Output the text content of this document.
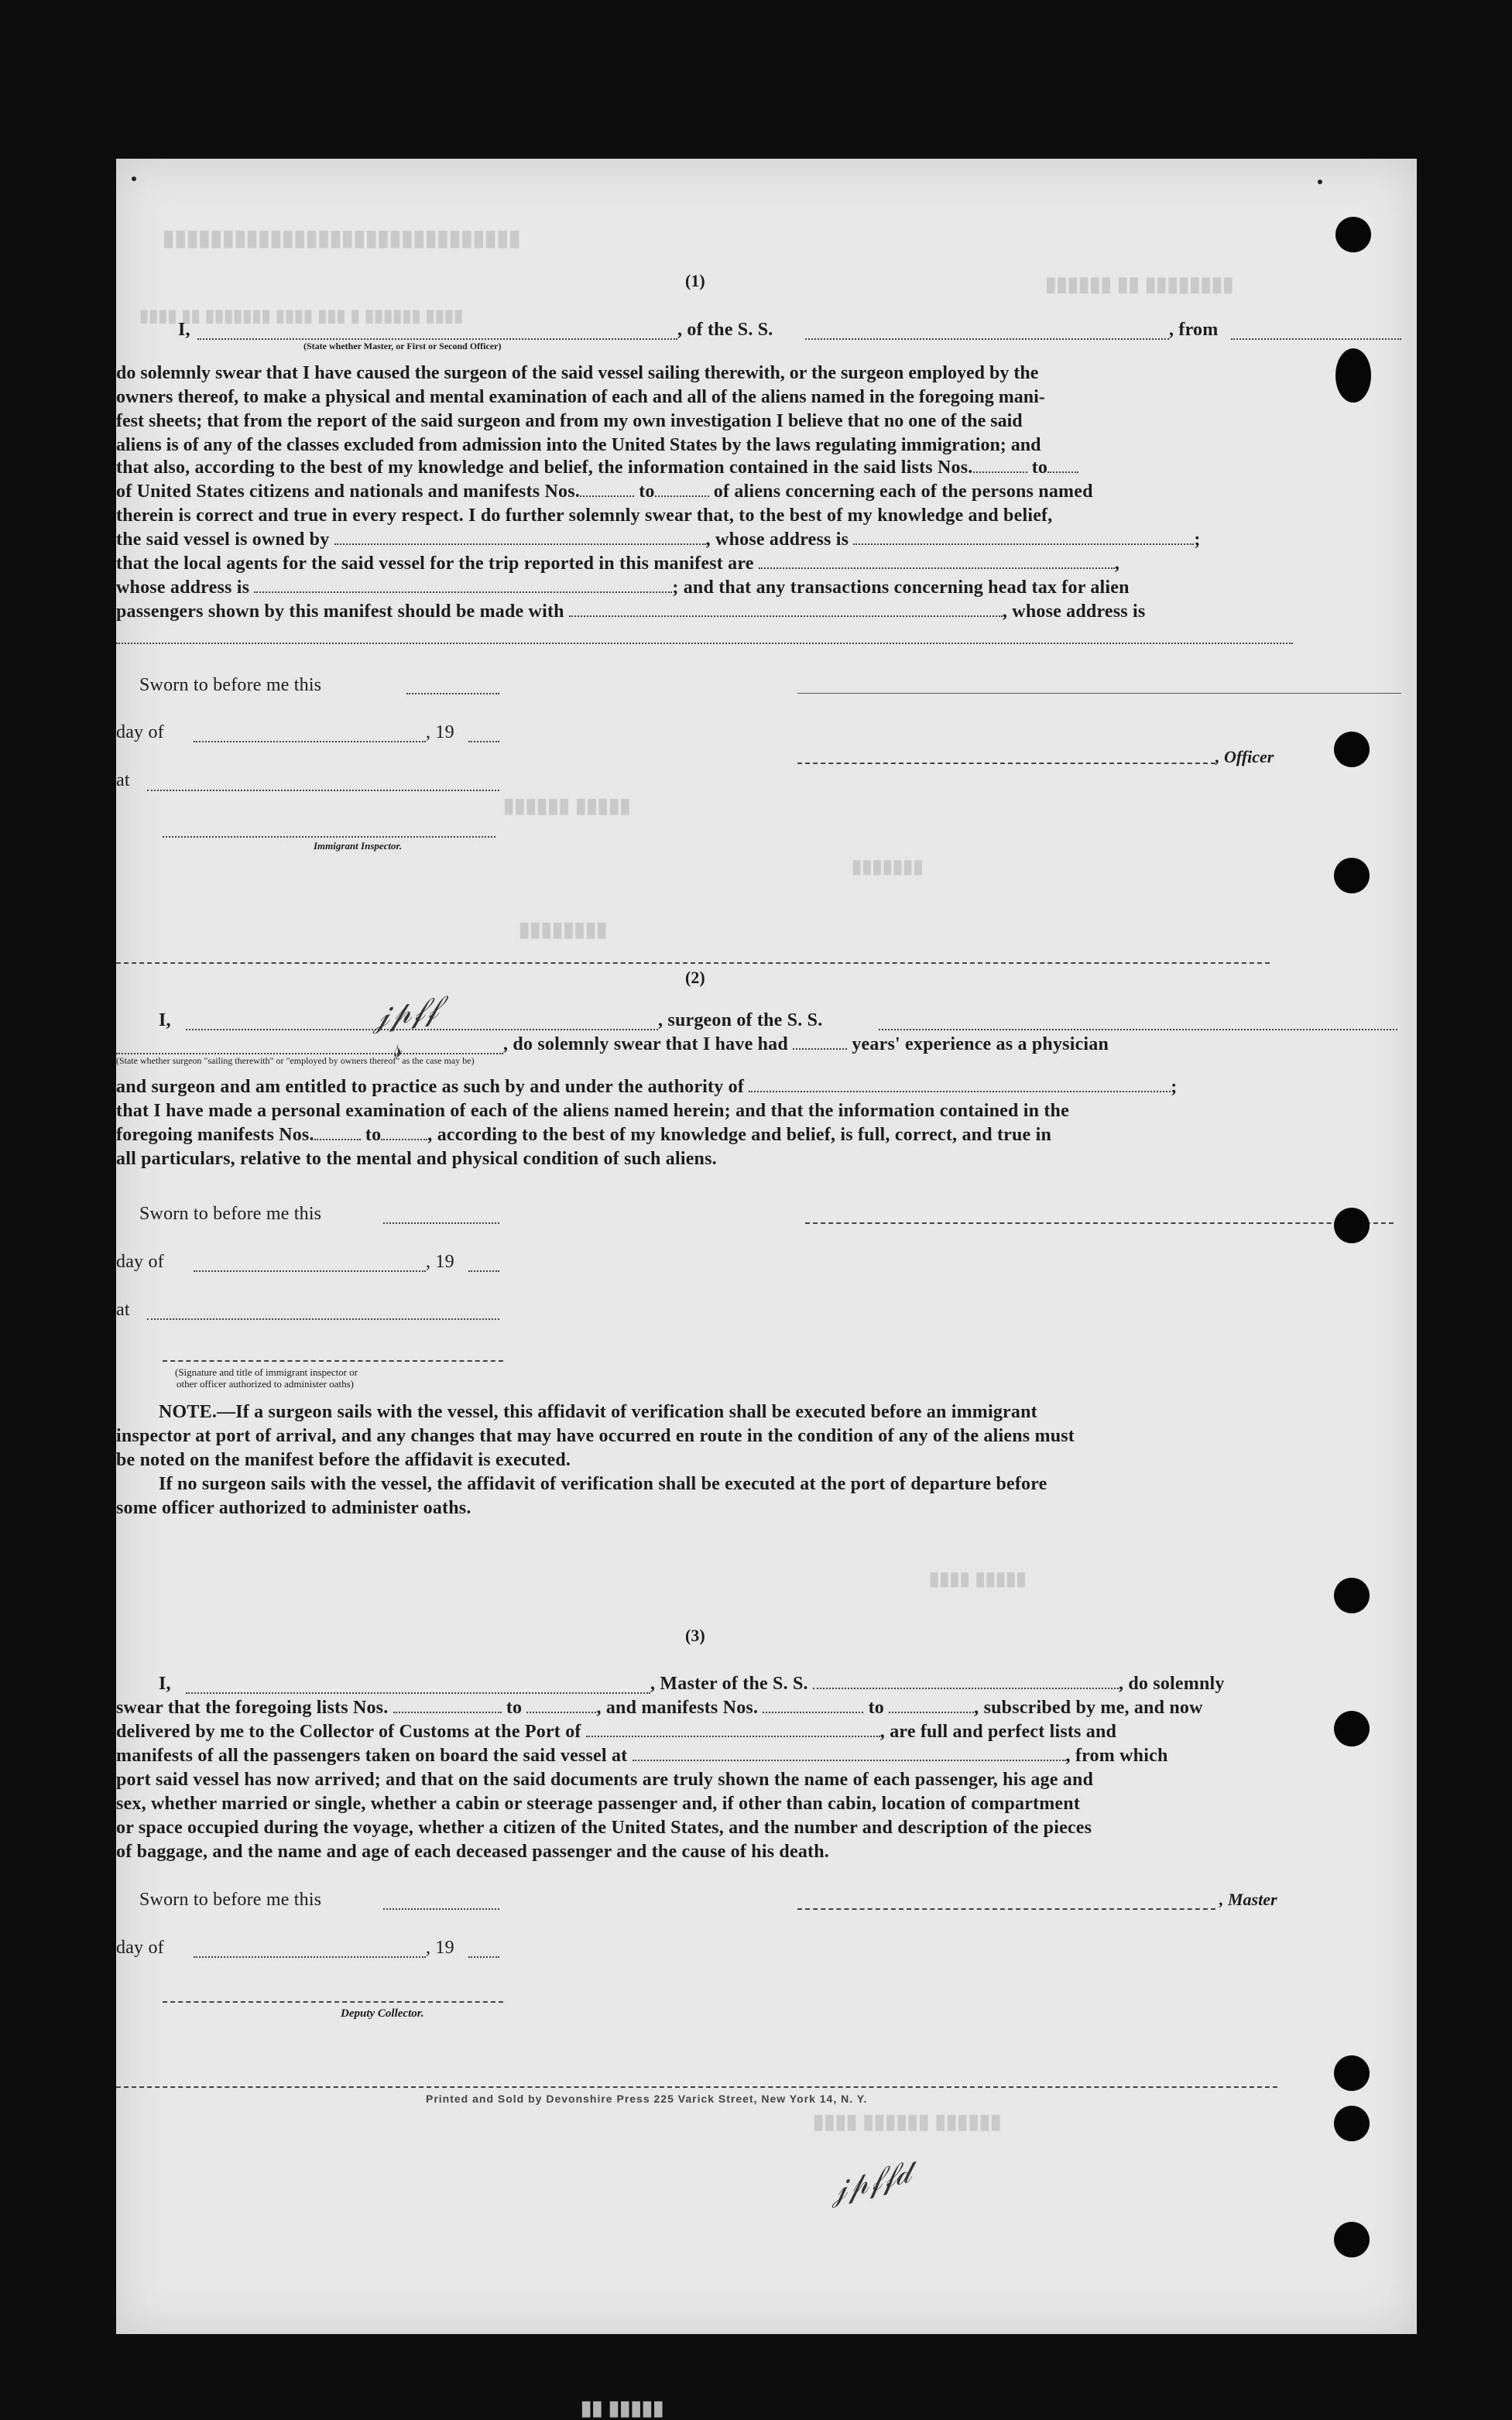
▮▮▮▮▮▮▮▮▮▮▮▮▮▮▮▮▮▮▮▮▮▮▮▮▮▮▮▮▮▮
▮▮▮▮ ▮▮ ▮▮▮▮▮▮▮ ▮▮▮▮ ▮▮▮ ▮ ▮▮▮▮▮▮ ▮▮▮▮
▮▮▮▮▮▮▮▮ ▮▮ ▮▮▮▮▮▮
▮▮▮▮▮▮ ▮▮▮▮▮
▮▮▮▮▮▮▮
▮▮▮▮▮▮▮▮
▮▮▮▮ ▮▮▮▮▮
▮▮▮▮ ▮▮▮▮▮▮ ▮▮▮▮▮▮
▮▮ ▮▮▮▮▮
(1)
I,	, of the S. S.	, from
(State whether Master, or First or Second Officer)

do solemnly swear that I have caused the surgeon of the said vessel sailing therewith, or the surgeon employed by the

owners thereof, to make a physical and mental examination of each and all of the aliens named in the foregoing mani-

fest sheets; that from the report of the said surgeon and from my own investigation I believe that no one of the said

aliens is of any of the classes excluded from admission into the United States by the laws regulating immigration; and

that also, according to the best of my knowledge and belief, the information contained in the said lists Nos.	to
of United States citizens and nationals and manifests Nos.	to	of aliens concerning each of the persons named
therein is correct and true in every respect. I do further solemnly swear that, to the best of my knowledge and belief,
the said vessel is owned by	, whose address is	;
that the local agents for the said vessel for the trip reported in this manifest are	,
whose address is	; and that any transactions concerning head tax for alien
passengers shown by this manifest should be made with	, whose address is
Sworn to before me this
day of	, 19
, Officer
at
Immigrant Inspector.
(2)
I,	, surgeon of the S. S.
, do solemnly swear that I have had	years' experience as a physician
(State whether surgeon "sailing therewith" or "employed by owners thereof" as the case may be)
and surgeon and am entitled to practice as such by and under the authority of	;
that I have made a personal examination of each of the aliens named herein; and that the information contained in the
foregoing manifests Nos.	to	, according to the best of my knowledge and belief, is full, correct, and true in
all particulars, relative to the mental and physical condition of such aliens.
Sworn to before me this
day of	, 19
at
(Signature and title of immigrant inspector or
other officer authorized to administer oaths)
NOTE.—If a surgeon sails with the vessel, this affidavit of verification shall be executed before an immigrant
inspector at port of arrival, and any changes that may have occurred en route in the condition of any of the aliens must
be noted on the manifest before the affidavit is executed.
If no surgeon sails with the vessel, the affidavit of verification shall be executed at the port of departure before
some officer authorized to administer oaths.
(3)
I,	, Master of the S. S.	, do solemnly
swear that the foregoing lists Nos.	to	, and manifests Nos.	to	, subscribed by me, and now
delivered by me to the Collector of Customs at the Port of	, are full and perfect lists and
manifests of all the passengers taken on board the said vessel at	, from which
port said vessel has now arrived; and that on the said documents are truly shown the name of each passenger, his age and
sex, whether married or single, whether a cabin or steerage passenger and, if other than cabin, location of compartment
or space occupied during the voyage, whether a citizen of the United States, and the number and description of the pieces
of baggage, and the name and age of each deceased passenger and the cause of his death.
Sworn to before me this	, Master
day of	, 19
Deputy Collector.
Printed and Sold by Devonshire Press 225 Varick Street, New York 14, N. Y.
𝒿𝓅𝒻𝒻
𝓈
𝒿𝓅𝒻𝒻𝒹
